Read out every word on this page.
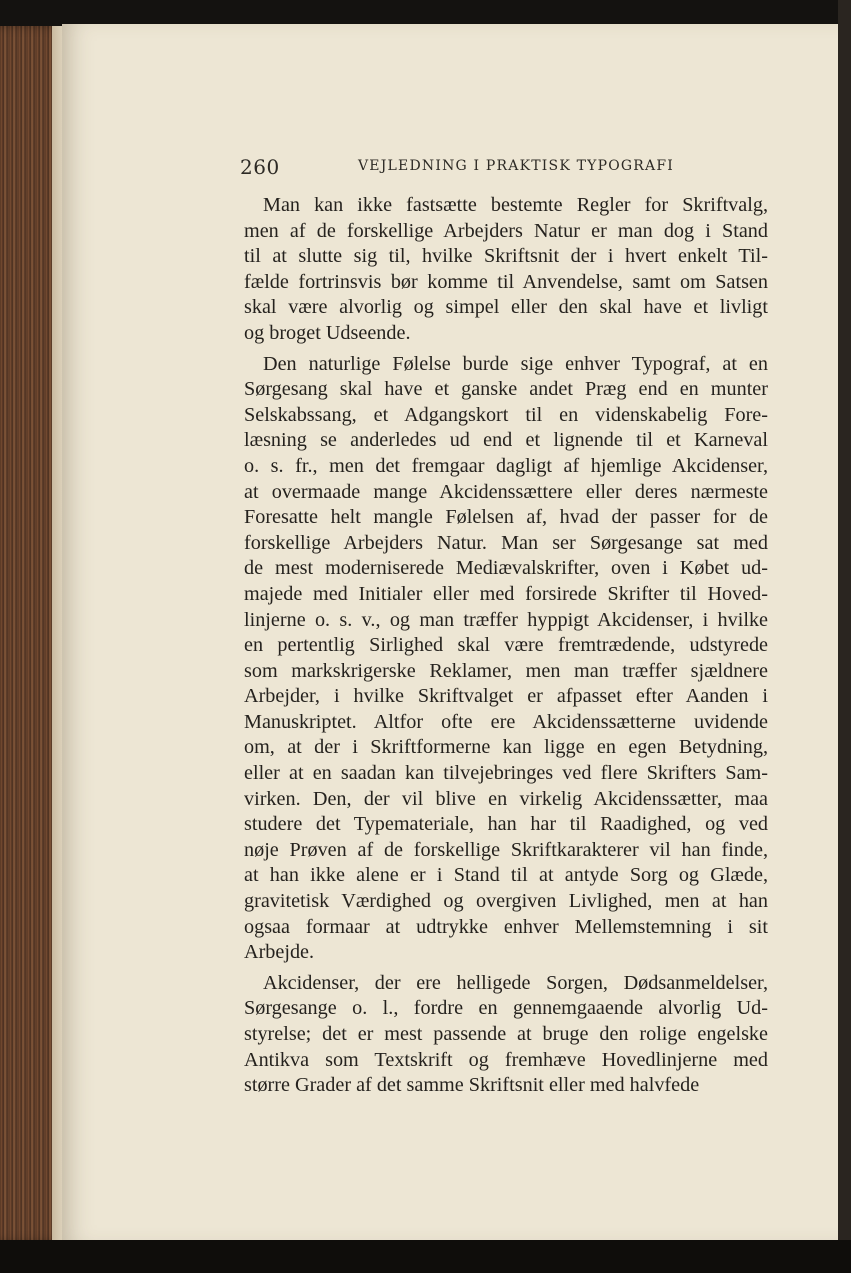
260	VEJLEDNING I PRAKTISK TYPOGRAFI
Man kan ikke fastsætte bestemte Regler for Skriftvalg,
men af de forskellige Arbejders Natur er man dog i Stand
til at slutte sig til, hvilke Skriftsnit der i hvert enkelt Til-
fælde fortrinsvis bør komme til Anvendelse, samt om Satsen
skal være alvorlig og simpel eller den skal have et livligt
og broget Udseende.
Den naturlige Følelse burde sige enhver Typograf, at en
Sørgesang skal have et ganske andet Præg end en munter
Selskabssang, et Adgangskort til en videnskabelig Fore-
læsning se anderledes ud end et lignende til et Karneval
o. s. fr., men det fremgaar dagligt af hjemlige Akcidenser,
at overmaade mange Akcidenssættere eller deres nærmeste
Foresatte helt mangle Følelsen af, hvad der passer for de
forskellige Arbejders Natur. Man ser Sørgesange sat med
de mest moderniserede Mediævalskrifter, oven i Købet ud-
majede med Initialer eller med forsirede Skrifter til Hoved-
linjerne o. s. v., og man træffer hyppigt Akcidenser, i hvilke
en pertentlig Sirlighed skal være fremtrædende, udstyrede
som markskrigerske Reklamer, men man træffer sjældnere
Arbejder, i hvilke Skriftvalget er afpasset efter Aanden i
Manuskriptet. Altfor ofte ere Akcidenssætterne uvidende
om, at der i Skriftformerne kan ligge en egen Betydning,
eller at en saadan kan tilvejebringes ved flere Skrifters Sam-
virken. Den, der vil blive en virkelig Akcidenssætter, maa
studere det Typemateriale, han har til Raadighed, og ved
nøje Prøven af de forskellige Skriftkarakterer vil han finde,
at han ikke alene er i Stand til at antyde Sorg og Glæde,
gravitetisk Værdighed og overgiven Livlighed, men at han
ogsaa formaar at udtrykke enhver Mellemstemning i sit
Arbejde.
Akcidenser, der ere helligede Sorgen, Dødsanmeldelser,
Sørgesange o. l., fordre en gennemgaaende alvorlig Ud-
styrelse; det er mest passende at bruge den rolige engelske
Antikva som Textskrift og fremhæve Hovedlinjerne med
større Grader af det samme Skriftsnit eller med halvfede
